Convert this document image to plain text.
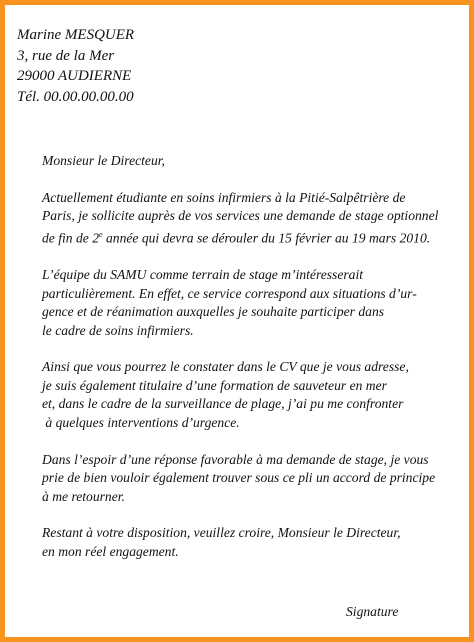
Marine MESQUER
3, rue de la Mer
29000 AUDIERNE
Tél. 00.00.00.00.00
Monsieur le Directeur,
Actuellement étudiante en soins infirmiers à la Pitié-Salpêtrière de
Paris, je sollicite auprès de vos services une demande de stage optionnel
de fin de 2e année qui devra se dérouler du 15 février au 19 mars 2010.
L’équipe du SAMU comme terrain de stage m’intéresserait
particulièrement. En effet, ce service correspond aux situations d’ur-
gence et de réanimation auxquelles je souhaite participer dans
le cadre de soins infirmiers.
Ainsi que vous pourrez le constater dans le CV que je vous adresse,
je suis également titulaire d’une formation de sauveteur en mer
et, dans le cadre de la surveillance de plage, j’ai pu me confronter
à quelques interventions d’urgence.
Dans l’espoir d’une réponse favorable à ma demande de stage, je vous
prie de bien vouloir également trouver sous ce pli un accord de principe
à me retourner.
Restant à votre disposition, veuillez croire, Monsieur le Directeur,
en mon réel engagement.
Signature
